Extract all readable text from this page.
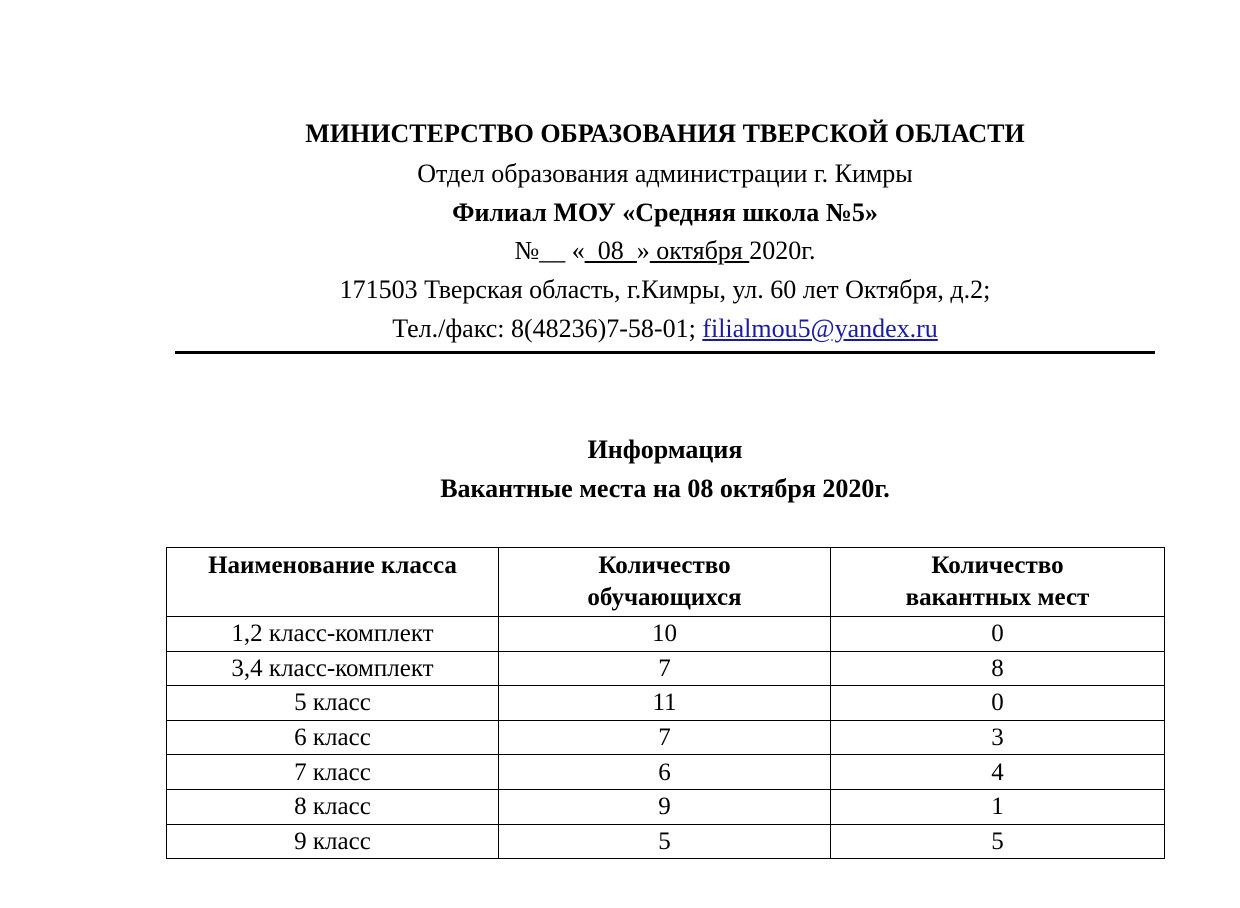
МИНИСТЕРСТВО ОБРАЗОВАНИЯ ТВЕРСКОЙ ОБЛАСТИ
Отдел образования администрации г. Кимры
Филиал МОУ «Средняя школа №5»
№__ «_08_» октября 2020г.
171503 Тверская область, г.Кимры, ул. 60 лет Октября, д.2;
Тел./факс: 8(48236)7-58-01; filialmou5@yandex.ru
Информация
Вакантные места на 08 октября 2020г.
Наименование класса	Количество обучающихся	Количество вакантных мест
1,2 класс-комплект	10	0
3,4 класс-комплект	7	8
5 класс	11	0
6 класс	7	3
7 класс	6	4
8 класс	9	1
9 класс	5	5
